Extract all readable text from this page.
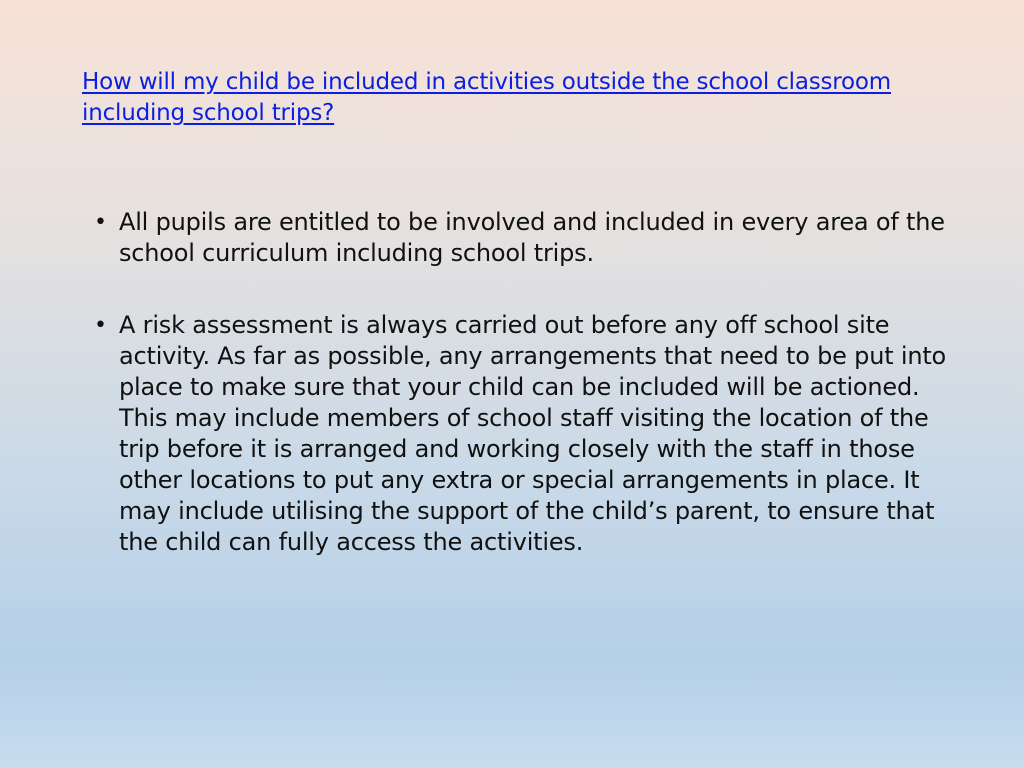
How will my child be included in activities outside the school classroom including school trips?
• All pupils are entitled to be involved and included in every area of the school curriculum including school trips.
• A risk assessment is always carried out before any off school site activity. As far as possible, any arrangements that need to be put into place to make sure that your child can be included will be actioned. This may include members of school staff visiting the location of the trip before it is arranged and working closely with the staff in those other locations to put any extra or special arrangements in place. It may include utilising the support of the child’s parent, to ensure that the child can fully access the activities.
